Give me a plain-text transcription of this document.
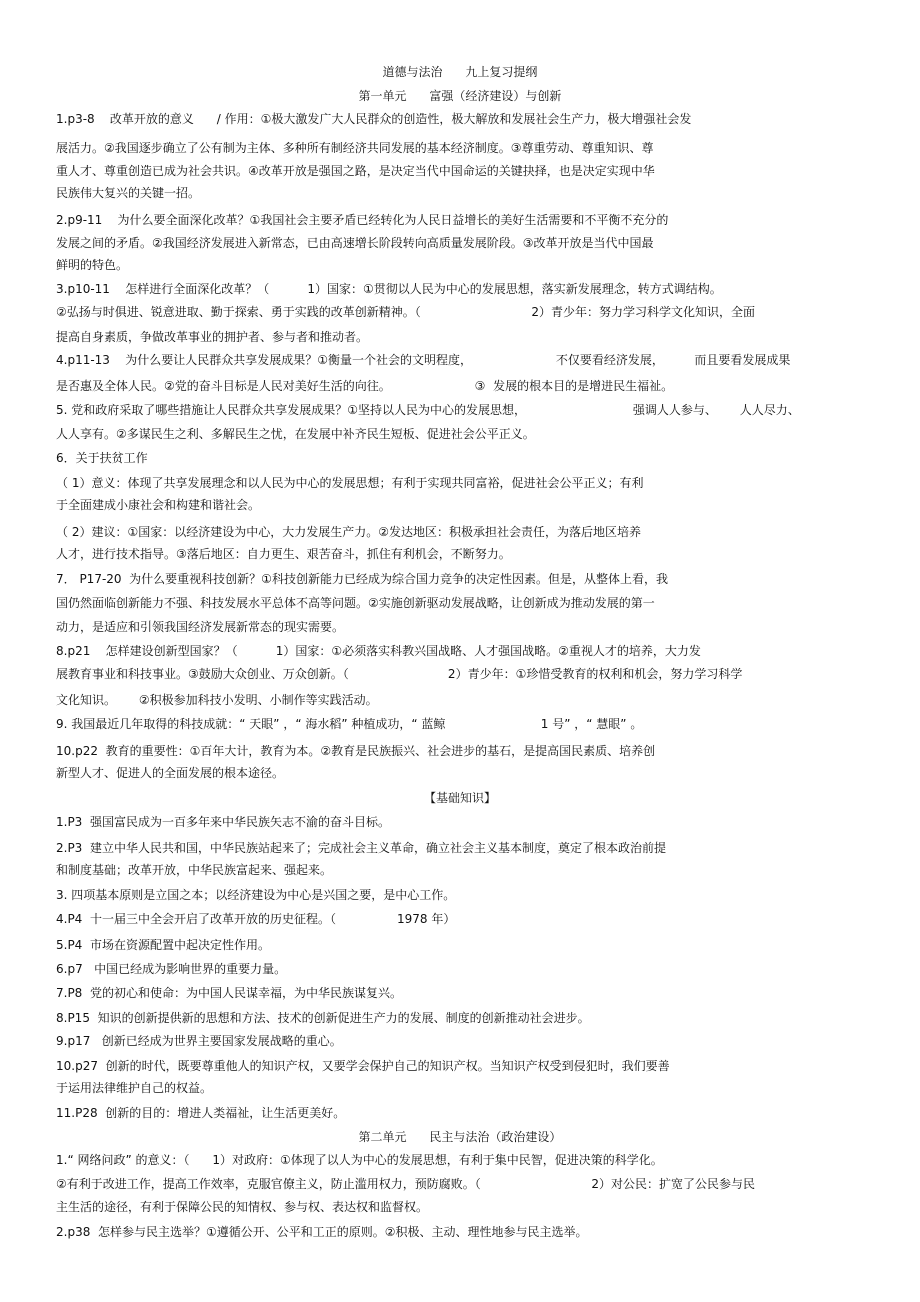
道德与法治      九上复习提纲
第一单元      富强（经济建设）与创新
1.p3-8    改革开放的意义      / 作用：①极大激发广大人民群众的创造性，极大解放和发展社会生产力，极大增强社会发
展活力。②我国逐步确立了公有制为主体、多种所有制经济共同发展的基本经济制度。③尊重劳动、尊重知识、尊
重人才、尊重创造已成为社会共识。④改革开放是强国之路，是决定当代中国命运的关键抉择，也是决定实现中华
民族伟大复兴的关键一招。
2.p9-11    为什么要全面深化改革？①我国社会主要矛盾已经转化为人民日益增长的美好生活需要和不平衡不充分的
发展之间的矛盾。②我国经济发展进入新常态，已由高速增长阶段转向高质量发展阶段。③改革开放是当代中国最
鲜明的特色。
3.p10-11    怎样进行全面深化改革？（          1）国家：①贯彻以人民为中心的发展思想，落实新发展理念，转方式调结构。
②弘扬与时俱进、锐意进取、勤于探索、勇于实践的改革创新精神。（                             2）青少年：努力学习科学文化知识，全面
提高自身素质，争做改革事业的拥护者、参与者和推动者。
4.p11-13    为什么要让人民群众共享发展成果？①衡量一个社会的文明程度，                      不仅要看经济发展，        而且要看发展成果
是否惠及全体人民。②党的奋斗目标是人民对美好生活的向往。                      ③  发展的根本目的是增进民生福祉。
5. 党和政府采取了哪些措施让人民群众共享发展成果？①坚持以人民为中心的发展思想，                            强调人人参与、      人人尽力、
人人享有。②多谋民生之利、多解民生之忧，在发展中补齐民生短板、促进社会公平正义。
6．关于扶贫工作
（ 1）意义：体现了共享发展理念和以人民为中心的发展思想；有利于实现共同富裕，促进社会公平正义；有利
于全面建成小康社会和构建和谐社会。
（ 2）建议：①国家：以经济建设为中心，大力发展生产力。②发达地区：积极承担社会责任，为落后地区培养
人才，进行技术指导。③落后地区：自力更生、艰苦奋斗，抓住有利机会，不断努力。
7． P17-20  为什么要重视科技创新？①科技创新能力已经成为综合国力竞争的决定性因素。但是，从整体上看，我
国仍然面临创新能力不强、科技发展水平总体不高等问题。②实施创新驱动发展战略，让创新成为推动发展的第一
动力，是适应和引领我国经济发展新常态的现实需要。
8.p21    怎样建设创新型国家？（          1）国家：①必须落实科教兴国战略、人才强国战略。②重视人才的培养，大力发
展教育事业和科技事业。③鼓励大众创业、万众创新。（                          2）青少年：①珍惜受教育的权利和机会，努力学习科学
文化知识。      ②积极参加科技小发明、小制作等实践活动。
9. 我国最近几年取得的科技成就：“ 天眼” ，“ 海水稻” 种植成功，“ 蓝鲸                         1 号” ，“ 慧眼” 。
10.p22  教育的重要性：①百年大计，教育为本。②教育是民族振兴、社会进步的基石，是提高国民素质、培养创
新型人才、促进人的全面发展的根本途径。
【基础知识】
1.P3  强国富民成为一百多年来中华民族矢志不渝的奋斗目标。
2.P3  建立中华人民共和国，中华民族站起来了；完成社会主义革命，确立社会主义基本制度，奠定了根本政治前提
和制度基础；改革开放，中华民族富起来、强起来。
3. 四项基本原则是立国之本；以经济建设为中心是兴国之要，是中心工作。
4.P4  十一届三中全会开启了改革开放的历史征程。（                1978 年）
5.P4  市场在资源配置中起决定性作用。
6.p7   中国已经成为影响世界的重要力量。
7.P8  党的初心和使命：为中国人民谋幸福，为中华民族谋复兴。
8.P15  知识的创新提供新的思想和方法、技术的创新促进生产力的发展、制度的创新推动社会进步。
9.p17   创新已经成为世界主要国家发展战略的重心。
10.p27  创新的时代，既要尊重他人的知识产权，又要学会保护自己的知识产权。当知识产权受到侵犯时，我们要善
于运用法律维护自己的权益。
11.P28  创新的目的：增进人类福祉，让生活更美好。
第二单元      民主与法治（政治建设）
1.“ 网络问政” 的意义：（      1）对政府：①体现了以人为中心的发展思想，有利于集中民智，促进决策的科学化。
②有利于改进工作，提高工作效率，克服官僚主义，防止滥用权力，预防腐败。（                             2）对公民：扩宽了公民参与民
主生活的途径，有利于保障公民的知情权、参与权、表达权和监督权。
2.p38  怎样参与民主选举？①遵循公开、公平和工正的原则。②积极、主动、理性地参与民主选举。
